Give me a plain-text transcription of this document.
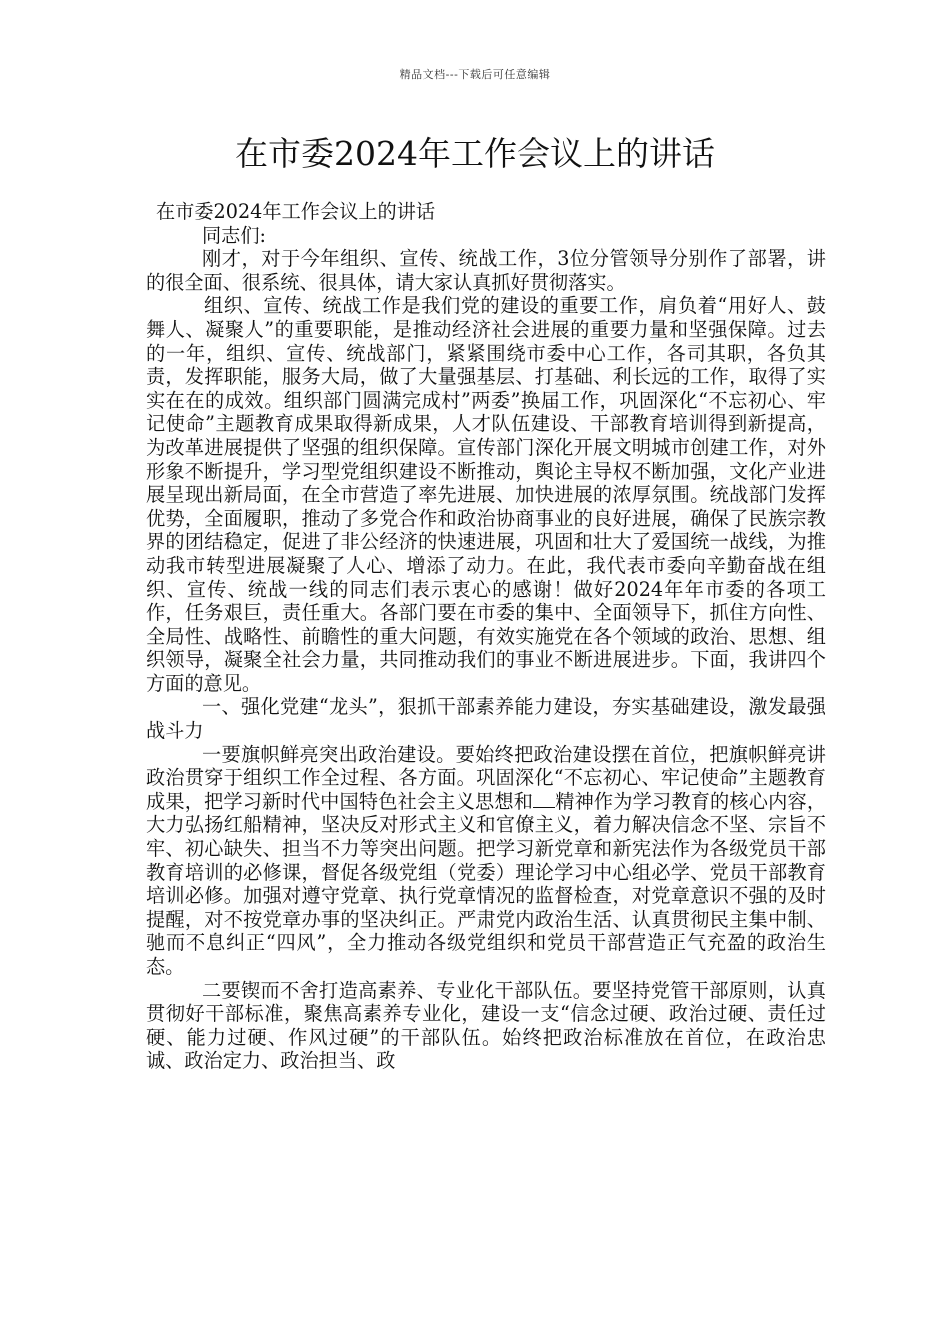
精品文档---下载后可任意编辑
在市委2024年工作会议上的讲话

在市委2024年工作会议上的讲话

同志们:

刚才，对于今年组织、宣传、统战工作，3位分管领导分别作了部署，讲的很全面、很系统、很具体，请大家认真抓好贯彻落实。

组织、宣传、统战工作是我们党的建设的重要工作，肩负着“用好人、鼓舞人、凝聚人”的重要职能，是推动经济社会进展的重要力量和坚强保障。过去的一年，组织、宣传、统战部门，紧紧围绕市委中心工作，各司其职，各负其责，发挥职能，服务大局，做了大量强基层、打基础、利长远的工作，取得了实实在在的成效。组织部门圆满完成村”两委”换届工作，巩固深化“不忘初心、牢记使命”主题教育成果取得新成果，人才队伍建设、干部教育培训得到新提高，为改革进展提供了坚强的组织保障。宣传部门深化开展文明城市创建工作，对外形象不断提升，学习型党组织建设不断推动，舆论主导权不断加强，文化产业进展呈现出新局面，在全市营造了率先进展、加快进展的浓厚氛围。统战部门发挥优势，全面履职，推动了多党合作和政治协商事业的良好进展，确保了民族宗教界的团结稳定，促进了非公经济的快速进展，巩固和壮大了爱国统一战线，为推动我市转型进展凝聚了人心、增添了动力。在此，我代表市委向辛勤奋战在组织、宣传、统战一线的同志们表示衷心的感谢！做好2024年年市委的各项工作，任务艰巨，责任重大。各部门要在市委的集中、全面领导下，抓住方向性、全局性、战略性、前瞻性的重大问题，有效实施党在各个领域的政治、思想、组织领导，凝聚全社会力量，共同推动我们的事业不断进展进步。下面，我讲四个方面的意见。

一、强化党建“龙头”，狠抓干部素养能力建设，夯实基础建设，激发最强战斗力

一要旗帜鲜亮突出政治建设。要始终把政治建设摆在首位，把旗帜鲜亮讲政治贯穿于组织工作全过程、各方面。巩固深化“不忘初心、牢记使命”主题教育成果，把学习新时代中国特色社会主义思想和 精神作为学习教育的核心内容，大力弘扬红船精神，坚决反对形式主义和官僚主义，着力解决信念不坚、宗旨不牢、初心缺失、担当不力等突出问题。把学习新党章和新宪法作为各级党员干部教育培训的必修课，督促各级党组（党委）理论学习中心组必学、党员干部教育培训必修。加强对遵守党章、执行党章情况的监督检查，对党章意识不强的及时提醒，对不按党章办事的坚决纠正。严肃党内政治生活、认真贯彻民主集中制、驰而不息纠正“四风”，全力推动各级党组织和党员干部营造正气充盈的政治生态。

二要锲而不舍打造高素养、专业化干部队伍。要坚持党管干部原则，认真贯彻好干部标准，聚焦高素养专业化，建设一支“信念过硬、政治过硬、责任过硬、能力过硬、作风过硬”的干部队伍。始终把政治标准放在首位，在政治忠诚、政治定力、政治担当、政
